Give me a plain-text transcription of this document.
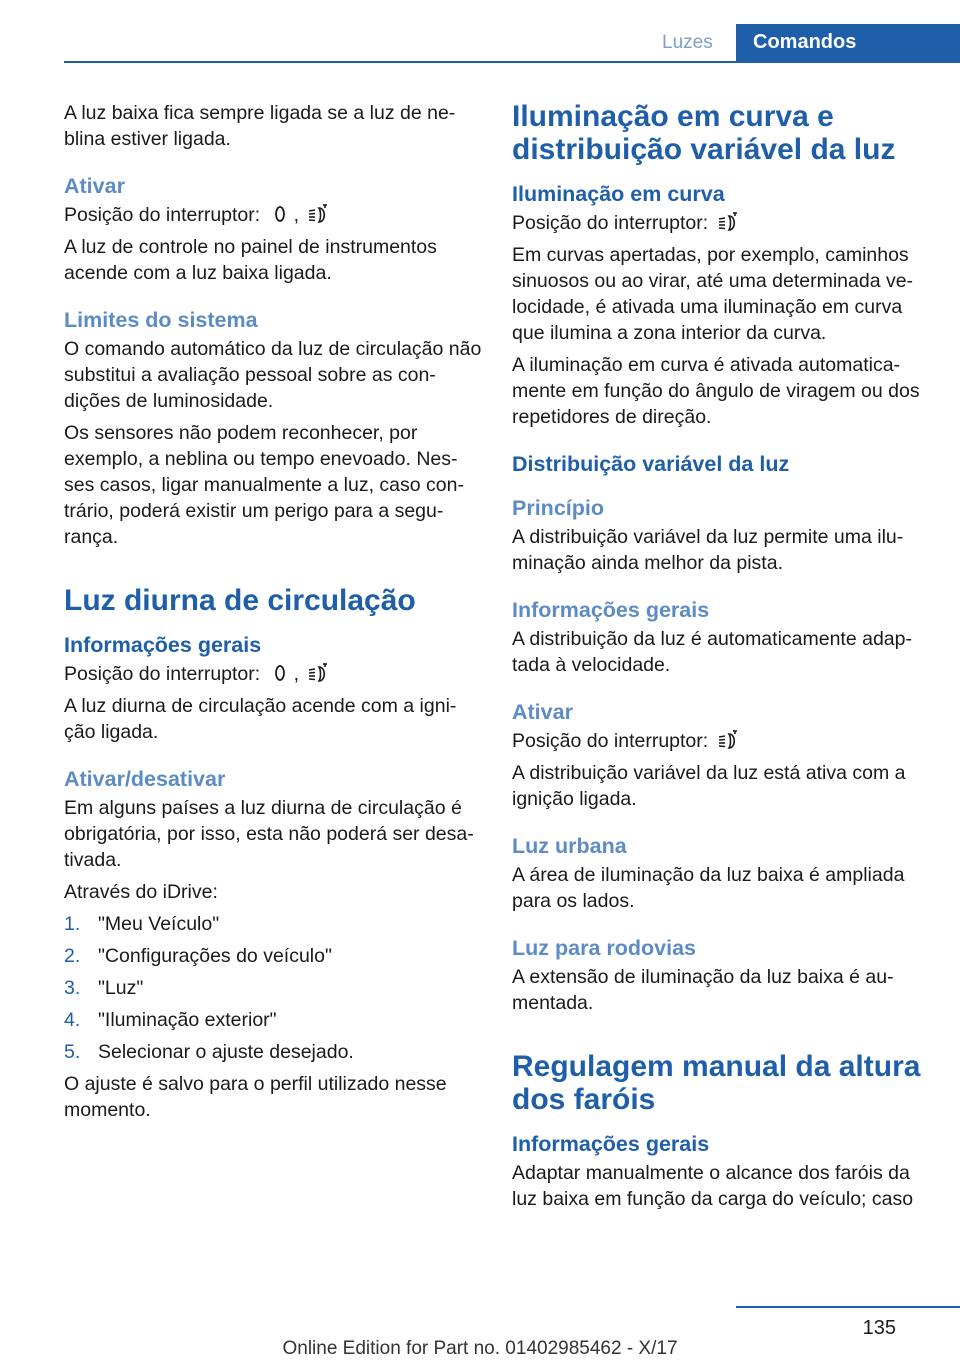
Luzes	Comandos

A luz baixa fica sempre ligada se a luz de ne-blina estiver ligada.

Ativar

Posição do interruptor: ,

A luz de controle no painel de instrumentos acende com a luz baixa ligada.

Limites do sistema

O comando automático da luz de circulação não substitui a avaliação pessoal sobre as con-dições de luminosidade.

Os sensores não podem reconhecer, por exemplo, a neblina ou tempo enevoado. Nes-ses casos, ligar manualmente a luz, caso con-trário, poderá existir um perigo para a segu-rança.

Luz diurna de circulação
Informações gerais

Posição do interruptor: ,

A luz diurna de circulação acende com a igni-ção ligada.

Ativar/desativar

Em alguns países a luz diurna de circulação é obrigatória, por isso, esta não poderá ser desa-tivada.

Através do iDrive:

1. "Meu Veículo"
2. "Configurações do veículo"
3. "Luz"
4. "Iluminação exterior"
5. Selecionar o ajuste desejado.

O ajuste é salvo para o perfil utilizado nesse momento.

Iluminação em curva e distribuição variável da luz
Iluminação em curva

Posição do interruptor:

Em curvas apertadas, por exemplo, caminhos sinuosos ou ao virar, até uma determinada ve-locidade, é ativada uma iluminação em curva que ilumina a zona interior da curva.

A iluminação em curva é ativada automatica-mente em função do ângulo de viragem ou dos repetidores de direção.

Distribuição variável da luz
Princípio

A distribuição variável da luz permite uma ilu-minação ainda melhor da pista.

Informações gerais

A distribuição da luz é automaticamente adap-tada à velocidade.

Ativar

Posição do interruptor:

A distribuição variável da luz está ativa com a ignição ligada.

Luz urbana

A área de iluminação da luz baixa é ampliada para os lados.

Luz para rodovias

A extensão de iluminação da luz baixa é au-mentada.

Regulagem manual da altura dos faróis
Informações gerais

Adaptar manualmente o alcance dos faróis da luz baixa em função da carga do veículo; caso

135
Online Edition for Part no. 01402985462 - X/17
